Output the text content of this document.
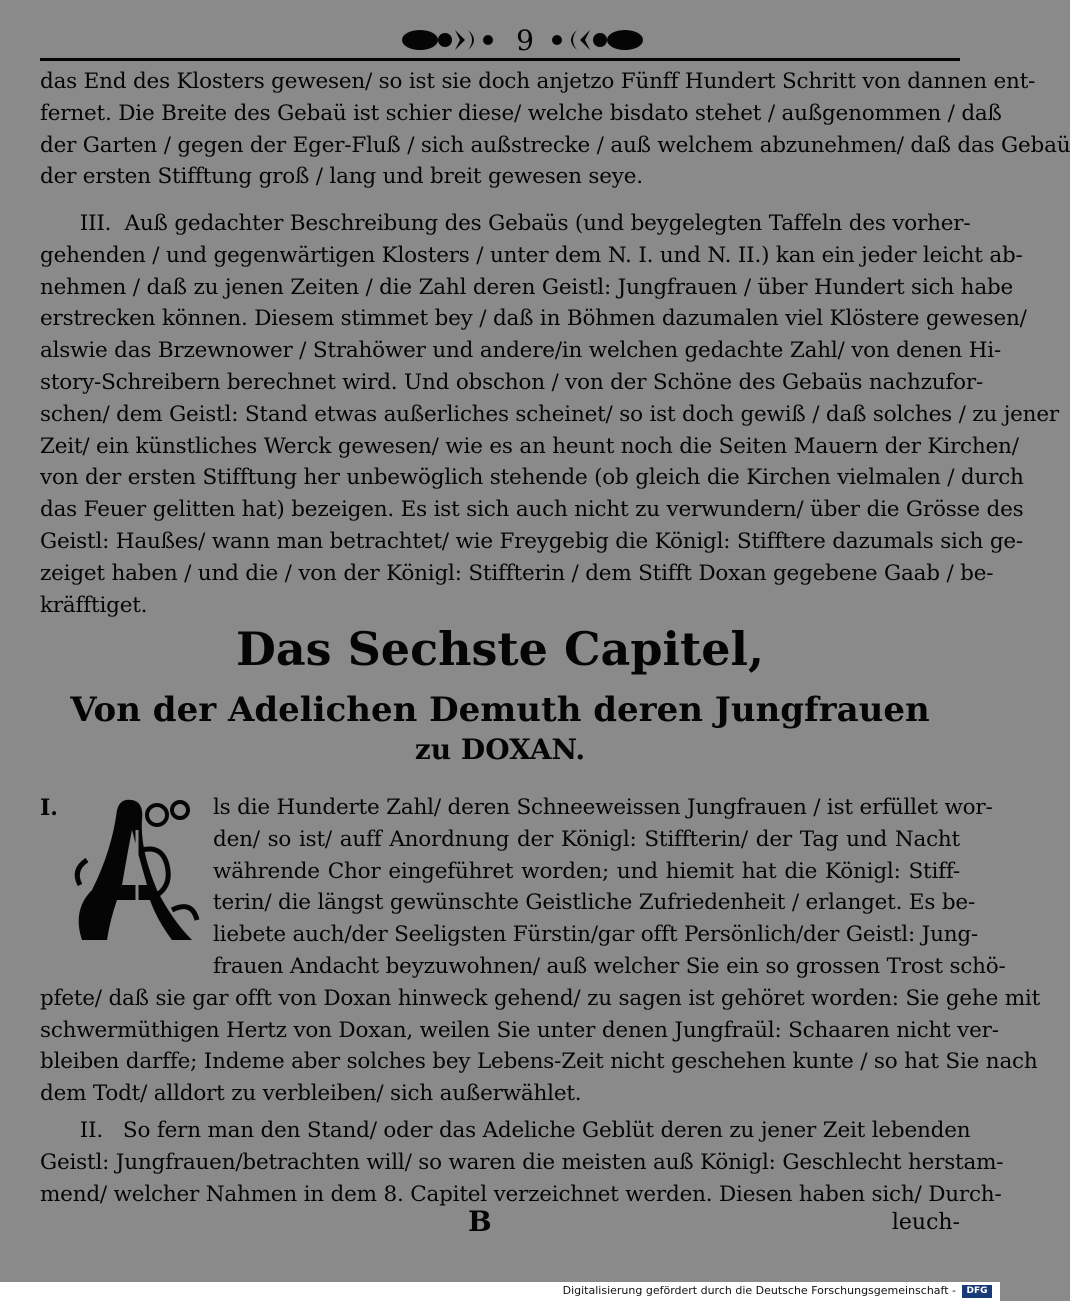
9
das End des Klosters gewesen/ so ist sie doch anjetzo Fünff Hundert Schritt von dannen ent-
fernet. Die Breite des Gebaü ist schier diese/ welche bisdato stehet / außgenommen / daß
der Garten / gegen der Eger-Fluß / sich außstrecke / auß welchem abzunehmen/ daß das Gebaü
der ersten Stifftung groß / lang und breit gewesen seye.
III.  Auß gedachter Beschreibung des Gebaüs (und beygelegten Taffeln des vorher-
gehenden / und gegenwärtigen Klosters / unter dem N. I. und N. II.) kan ein jeder leicht ab-
nehmen / daß zu jenen Zeiten / die Zahl deren Geistl: Jungfrauen / über Hundert sich habe
erstrecken können. Diesem stimmet bey / daß in Böhmen dazumalen viel Klöstere gewesen/
alswie das Brzewnower / Strahöwer und andere/in welchen gedachte Zahl/ von denen Hi-
story-Schreibern berechnet wird. Und obschon / von der Schöne des Gebaüs nachzufor-
schen/ dem Geistl: Stand etwas außerliches scheinet/ so ist doch gewiß / daß solches / zu jener
Zeit/ ein künstliches Werck gewesen/ wie es an heunt noch die Seiten Mauern der Kirchen/
von der ersten Stifftung her unbewöglich stehende (ob gleich die Kirchen vielmalen / durch
das Feuer gelitten hat) bezeigen. Es ist sich auch nicht zu verwundern/ über die Grösse des
Geistl: Haußes/ wann man betrachtet/ wie Freygebig die Königl: Stifftere dazumals sich ge-
zeiget haben / und die / von der Königl: Stiffterin / dem Stifft Doxan gegebene Gaab / be-
kräfftiget.
Das Sechste Capitel,
Von der Adelichen Demuth deren Jungfrauen
zu DOXAN.
I.	ls die Hunderte Zahl/ deren Schneeweissen Jungfrauen / ist erfüllet wor-
den/ so ist/ auff Anordnung der Königl: Stiffterin/ der Tag und Nacht
währende Chor eingeführet worden; und hiemit hat die Königl: Stiff-
terin/ die längst gewünschte Geistliche Zufriedenheit / erlanget. Es be-
liebete auch/der Seeligsten Fürstin/gar offt Persönlich/der Geistl: Jung-
frauen Andacht beyzuwohnen/ auß welcher Sie ein so grossen Trost schö-
pfete/ daß sie gar offt von Doxan hinweck gehend/ zu sagen ist gehöret worden: Sie gehe mit
schwermüthigen Hertz von Doxan, weilen Sie unter denen Jungfraül: Schaaren nicht ver-
bleiben darffe; Indeme aber solches bey Lebens-Zeit nicht geschehen kunte / so hat Sie nach
dem Todt/ alldort zu verbleiben/ sich außerwählet.
II.   So fern man den Stand/ oder das Adeliche Geblüt deren zu jener Zeit lebenden
Geistl: Jungfrauen/betrachten will/ so waren die meisten auß Königl: Geschlecht herstam-
mend/ welcher Nahmen in dem 8. Capitel verzeichnet werden. Diesen haben sich/ Durch-
B	leuch-
Digitalisierung gefördert durch die Deutsche Forschungsgemeinschaft -	DFG
